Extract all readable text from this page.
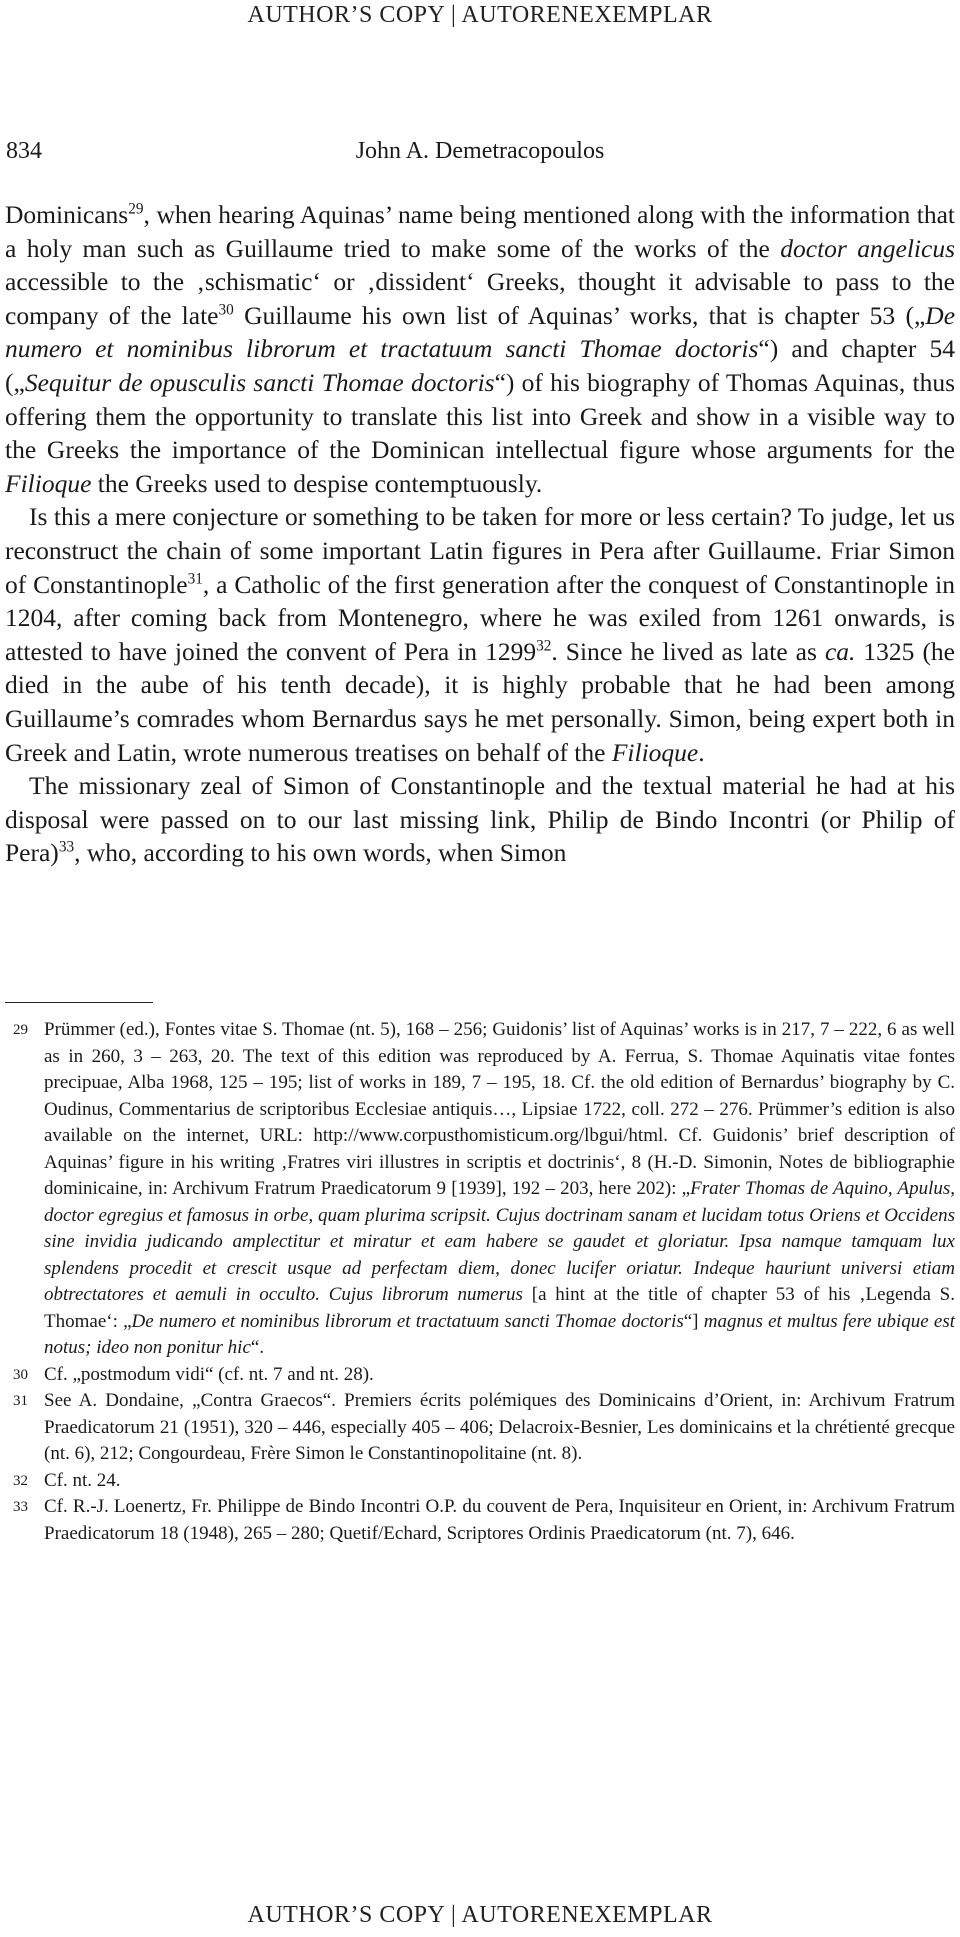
AUTHOR’S COPY | AUTORENEXEMPLAR
834	John A. Demetracopoulos

Dominicans$^{29}$, when hearing Aquinas’ name being mentioned along with the information that a holy man such as Guillaume tried to make some of the works of the doctor angelicus accessible to the ‚schismatic‘ or ‚dissident‘ Greeks, thought it advisable to pass to the company of the late$^{30}$ Guillaume his own list of Aquinas’ works, that is chapter 53 („De numero et nominibus librorum et tractatuum sancti Thomae doctoris“) and chapter 54 („Sequitur de opusculis sancti Thomae doctoris“) of his biography of Thomas Aquinas, thus offering them the opportunity to translate this list into Greek and show in a visible way to the Greeks the importance of the Dominican intellectual figure whose arguments for the Filioque the Greeks used to despise contemptuously.

Is this a mere conjecture or something to be taken for more or less certain? To judge, let us reconstruct the chain of some important Latin figures in Pera after Guillaume. Friar Simon of Constantinople$^{31}$, a Catholic of the first generation after the conquest of Constantinople in 1204, after coming back from Montenegro, where he was exiled from 1261 onwards, is attested to have joined the convent of Pera in 1299$^{32}$. Since he lived as late as ca. 1325 (he died in the aube of his tenth decade), it is highly probable that he had been among Guillaume’s comrades whom Bernardus says he met personally. Simon, being expert both in Greek and Latin, wrote numerous treatises on behalf of the Filioque.

The missionary zeal of Simon of Constantinople and the textual material he had at his disposal were passed on to our last missing link, Philip de Bindo Incontri (or Philip of Pera)$^{33}$, who, according to his own words, when Simon

29 Prümmer (ed.), Fontes vitae S. Thomae (nt. 5), 168 – 256; Guidonis’ list of Aquinas’ works is in 217, 7 – 222, 6 as well as in 260, 3 – 263, 20. The text of this edition was reproduced by A. Ferrua, S. Thomae Aquinatis vitae fontes precipuae, Alba 1968, 125 – 195; list of works in 189, 7 – 195, 18. Cf. the old edition of Bernardus’ biography by C. Oudinus, Commentarius de scriptoribus Ecclesiae antiquis…, Lipsiae 1722, coll. 272 – 276. Prümmer’s edition is also available on the internet, URL: http://www.corpusthomisticum.org/lbgui/html. Cf. Guidonis’ brief description of Aquinas’ figure in his writing ‚Fratres viri illustres in scriptis et doctrinis‘, 8 (H.-D. Simonin, Notes de bibliographie dominicaine, in: Archivum Fratrum Praedicatorum 9 [1939], 192 – 203, here 202): „Frater Thomas de Aquino, Apulus, doctor egregius et famosus in orbe, quam plurima scripsit. Cujus doctrinam sanam et lucidam totus Oriens et Occidens sine invidia judicando amplectitur et miratur et eam habere se gaudet et gloriatur. Ipsa namque tamquam lux splendens procedit et crescit usque ad perfectam diem, donec lucifer oriatur. Indeque hauriunt universi etiam obtrectatores et aemuli in occulto. Cujus librorum numerus [a hint at the title of chapter 53 of his ‚Legenda S. Thomae‘: „De numero et nominibus librorum et tractatuum sancti Thomae doctoris“] magnus et multus fere ubique est notus; ideo non ponitur hic“.
30 Cf. „postmodum vidi“ (cf. nt. 7 and nt. 28).
31 See A. Dondaine, „Contra Graecos“. Premiers écrits polémiques des Dominicains d’Orient, in: Archivum Fratrum Praedicatorum 21 (1951), 320 – 446, especially 405 – 406; Delacroix-Besnier, Les dominicains et la chrétienté grecque (nt. 6), 212; Congourdeau, Frère Simon le Constantinopolitaine (nt. 8).
32 Cf. nt. 24.
33 Cf. R.-J. Loenertz, Fr. Philippe de Bindo Incontri O.P. du couvent de Pera, Inquisiteur en Orient, in: Archivum Fratrum Praedicatorum 18 (1948), 265 – 280; Quetif/Echard, Scriptores Ordinis Praedicatorum (nt. 7), 646.
AUTHOR’S COPY | AUTORENEXEMPLAR
